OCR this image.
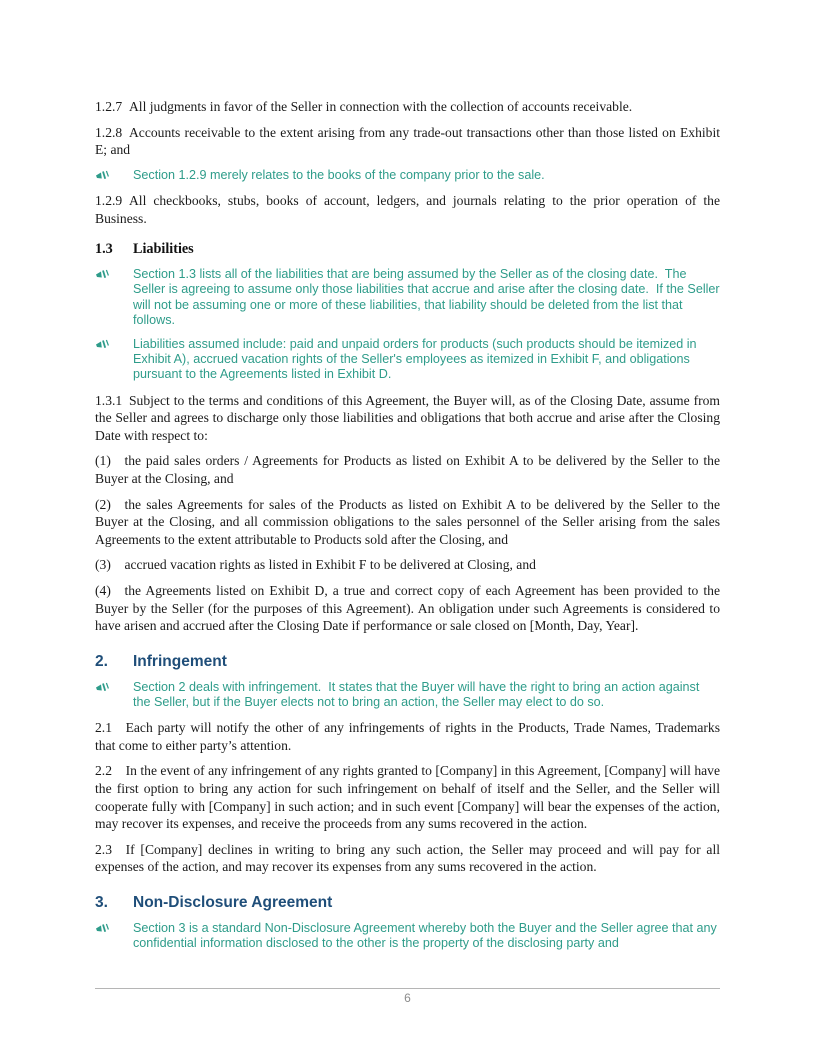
1.2.7 All judgments in favor of the Seller in connection with the collection of accounts receivable.

1.2.8 Accounts receivable to the extent arising from any trade-out transactions other than those listed on Exhibit E; and

Section 1.2.9 merely relates to the books of the company prior to the sale.

1.2.9 All checkbooks, stubs, books of account, ledgers, and journals relating to the prior operation of the Business.

1.3	Liabilities
Section 1.3 lists all of the liabilities that are being assumed by the Seller as of the closing date.  The Seller is agreeing to assume only those liabilities that accrue and arise after the closing date.  If the Seller will not be assuming one or more of these liabilities, that liability should be deleted from the list that follows.
Liabilities assumed include: paid and unpaid orders for products (such products should be itemized in Exhibit A), accrued vacation rights of the Seller's employees as itemized in Exhibit F, and obligations pursuant to the Agreements listed in Exhibit D.

1.3.1 Subject to the terms and conditions of this Agreement, the Buyer will, as of the Closing Date, assume from the Seller and agrees to discharge only those liabilities and obligations that both accrue and arise after the Closing Date with respect to:

(1) the paid sales orders / Agreements for Products as listed on Exhibit A to be delivered by the Seller to the Buyer at the Closing, and

(2) the sales Agreements for sales of the Products as listed on Exhibit A to be delivered by the Seller to the Buyer at the Closing, and all commission obligations to the sales personnel of the Seller arising from the sales Agreements to the extent attributable to Products sold after the Closing, and

(3) accrued vacation rights as listed in Exhibit F to be delivered at Closing, and

(4) the Agreements listed on Exhibit D, a true and correct copy of each Agreement has been provided to the Buyer by the Seller (for the purposes of this Agreement). An obligation under such Agreements is considered to have arisen and accrued after the Closing Date if performance or sale closed on [Month, Day, Year].

2.	Infringement
Section 2 deals with infringement.  It states that the Buyer will have the right to bring an action against the Seller, but if the Buyer elects not to bring an action, the Seller may elect to do so.

2.1 Each party will notify the other of any infringements of rights in the Products, Trade Names, Trademarks that come to either party’s attention.

2.2 In the event of any infringement of any rights granted to [Company] in this Agreement, [Company] will have the first option to bring any action for such infringement on behalf of itself and the Seller, and the Seller will cooperate fully with [Company] in such action; and in such event [Company] will bear the expenses of the action, may recover its expenses, and receive the proceeds from any sums recovered in the action.

2.3 If [Company] declines in writing to bring any such action, the Seller may proceed and will pay for all expenses of the action, and may recover its expenses from any sums recovered in the action.

3.	Non-Disclosure Agreement
Section 3 is a standard Non-Disclosure Agreement whereby both the Buyer and the Seller agree that any confidential information disclosed to the other is the property of the disclosing party and
6
